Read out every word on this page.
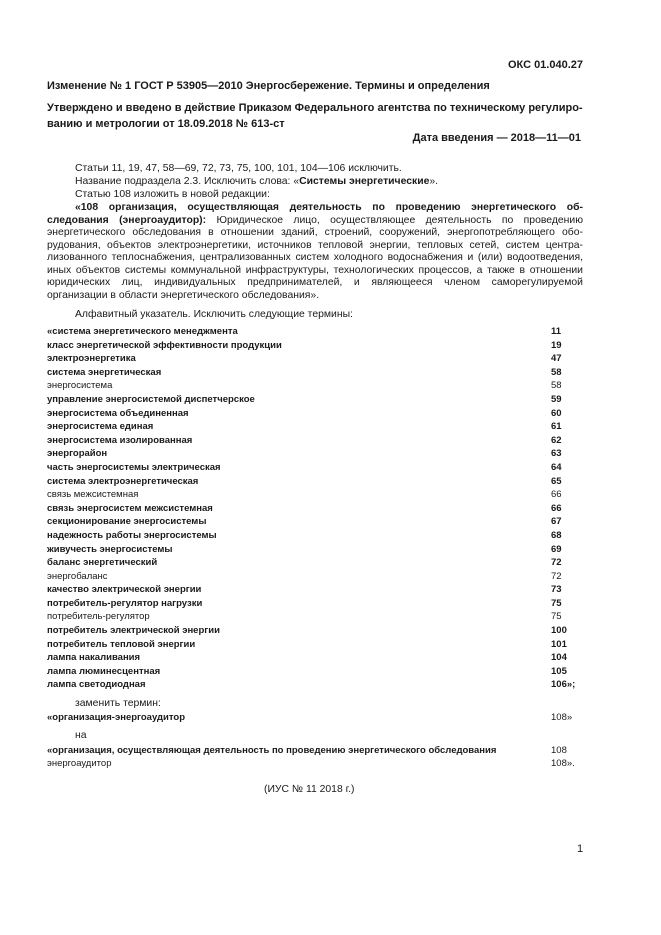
ОКС 01.040.27
Изменение № 1 ГОСТ Р 53905—2010 Энергосбережение. Термины и определения
Утверждено и введено в действие Приказом Федерального агентства по техническому регулированию и метрологии от 18.09.2018 № 613-ст
Дата введения — 2018—11—01
Статьи 11, 19, 47, 58—69, 72, 73, 75, 100, 101, 104—106 исключить.
Название подраздела 2.3. Исключить слова: «Системы энергетические».
Статью 108 изложить в новой редакции:
«108 организация, осуществляющая деятельность по проведению энергетического обследования (энергоаудитор): Юридическое лицо, осуществляющее деятельность по проведению энергетического обследования в отношении зданий, строений, сооружений, энергопотребляющего оборудования, объектов электроэнергетики, источников тепловой энергии, тепловых сетей, систем централизованного теплоснабжения, централизованных систем холодного водоснабжения и (или) водоотведения, иных объектов системы коммунальной инфраструктуры, технологических процессов, а также в отношении юридических лиц, индивидуальных предпринимателей, и являющееся членом саморегулируемой организации в области энергетического обследования».
Алфавитный указатель. Исключить следующие термины:
«система энергетического менеджмента	11
класс энергетической эффективности продукции	19
электроэнергетика	47
система энергетическая	58
энергосистема	58
управление энергосистемой диспетчерское	59
энергосистема объединенная	60
энергосистема единая	61
энергосистема изолированная	62
энергорайон	63
часть энергосистемы электрическая	64
система электроэнергетическая	65
связь межсистемная	66
связь энергосистем межсистемная	66
секционирование энергосистемы	67
надежность работы энергосистемы	68
живучесть энергосистемы	69
баланс энергетический	72
энергобаланс	72
качество электрической энергии	73
потребитель-регулятор нагрузки	75
потребитель-регулятор	75
потребитель электрической энергии	100
потребитель тепловой энергии	101
лампа накаливания	104
лампа люминесцентная	105
лампа светодиодная	106»;
заменить термин:
«организация-энергоаудитор	108»
на
«организация, осуществляющая деятельность по проведению энергетического обследования	108
энергоаудитор	108».
(ИУС № 11 2018 г.)
1
